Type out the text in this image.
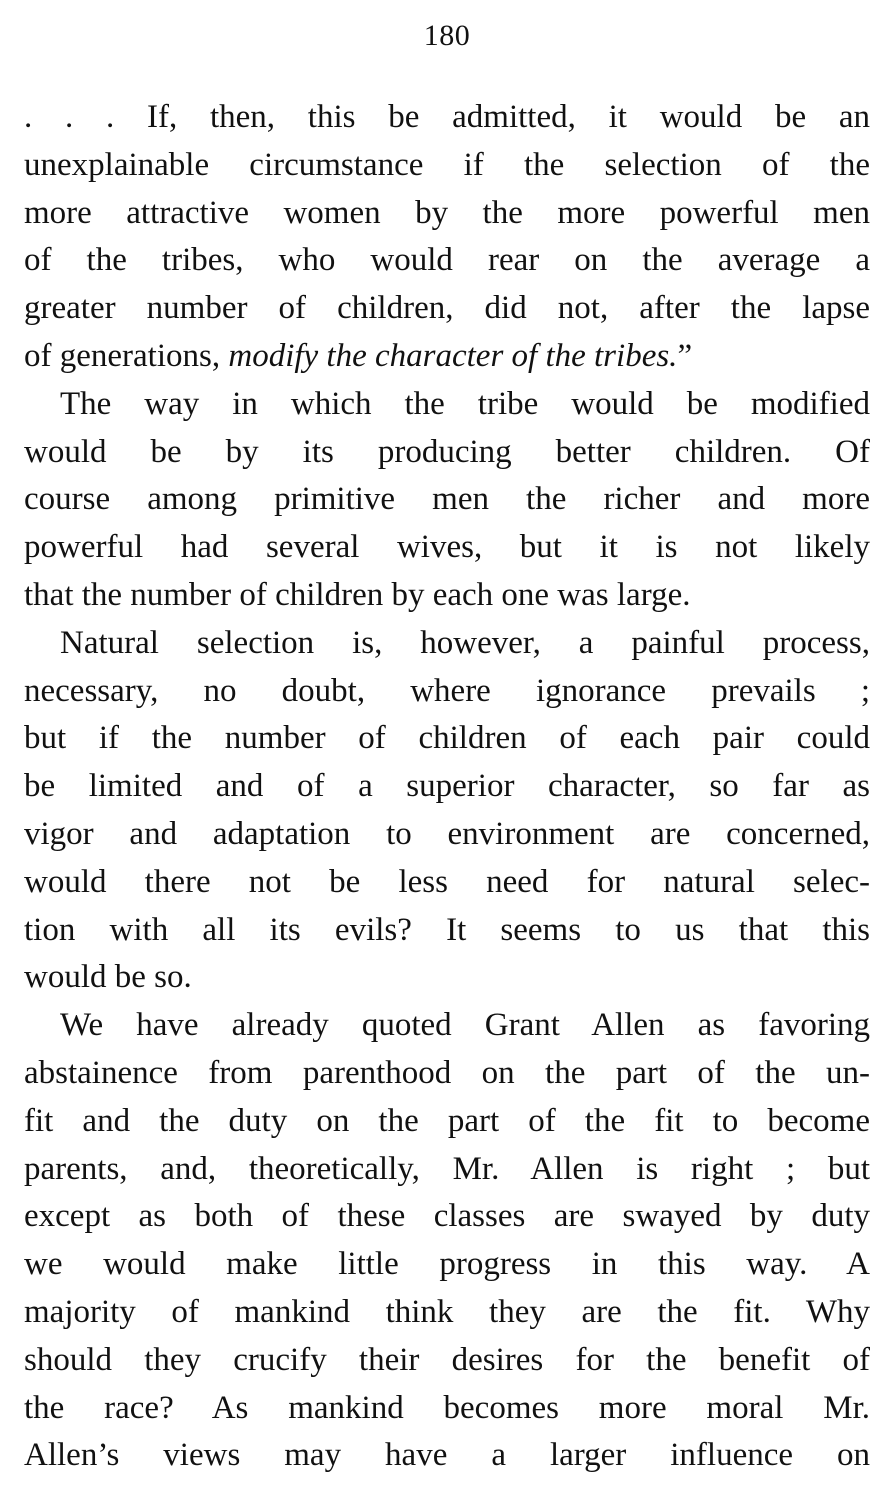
180
. . . If, then, this be admitted, it would be an
unexplainable circumstance if the selection of the
more attractive women by the more powerful men
of the tribes, who would rear on the average a
greater number of children, did not, after the lapse
of generations, modify the character of the tribes.”
The way in which the tribe would be modified
would be by its producing better children. Of
course among primitive men the richer and more
powerful had several wives, but it is not likely
that the number of children by each one was large.
Natural selection is, however, a painful process,
necessary, no doubt, where ignorance prevails ;
but if the number of children of each pair could
be limited and of a superior character, so far as
vigor and adaptation to environment are concerned,
would there not be less need for natural selec-
tion with all its evils? It seems to us that this
would be so.
We have already quoted Grant Allen as favoring
abstainence from parenthood on the part of the un-
fit and the duty on the part of the fit to become
parents, and, theoretically, Mr. Allen is right ; but
except as both of these classes are swayed by duty
we would make little progress in this way. A
majority of mankind think they are the fit. Why
should they crucify their desires for the benefit of
the race? As mankind becomes more moral Mr.
Allen’s views may have a larger influence on
